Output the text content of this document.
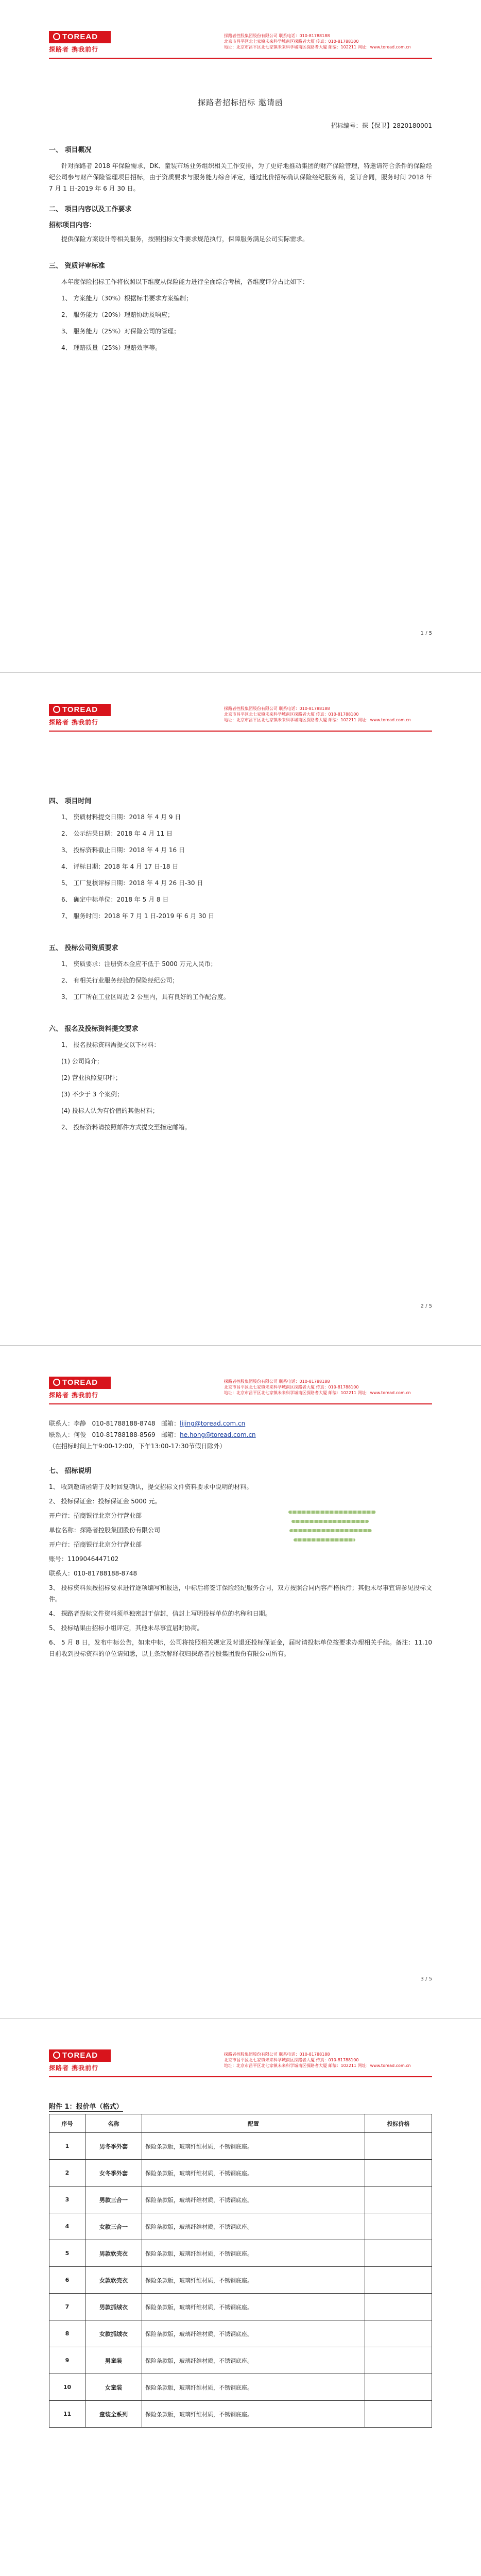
TOREAD
探路者 携我前行
探路者控股集团股份有限公司 联系电话：010-81788188
北京市昌平区北七家镇未来科学城南区探路者大厦 传真：010-81788100
地址：北京市昌平区北七家镇未来科学城南区探路者大厦 邮编：102211 网址：www.toread.com.cn
探路者招标招标 邀请函
招标编号：探【保卫】2820180001
一、 项目概况

针对探路者 2018 年保险需求，DK、童装市场业务组织相关工作安排，为了更好地推动集团的财产保险管理，特邀请符合条件的保险经纪公司参与财产保险管理项目招标，由于资质要求与服务能力综合评定，通过比价招标确认保险经纪服务商，签订合同，服务时间 2018 年 7 月 1 日-2019 年 6 月 30 日。

二、 项目内容以及工作要求
招标项目内容：

提供保险方案设计等相关服务，按照招标文件要求规范执行，保障服务满足公司实际需求。

三、 资质评审标准

本年度保险招标工作将依照以下维度从保险能力进行全面综合考核，各维度评分占比如下：

1、 方案能力（30%）根据标书要求方案编制；
2、 服务能力（20%）理赔协助及响应；
3、 服务能力（25%）对保险公司的管理；
4、 理赔质量（25%）理赔效率等。
1 / 5
TOREAD
探路者 携我前行
探路者控股集团股份有限公司 联系电话：010-81788188
北京市昌平区北七家镇未来科学城南区探路者大厦 传真：010-81788100
地址：北京市昌平区北七家镇未来科学城南区探路者大厦 邮编：102211 网址：www.toread.com.cn
四、 项目时间
1、 资质材料提交日期：2018 年 4 月 9 日
2、 公示结果日期：2018 年 4 月 11 日
3、 投标资料截止日期：2018 年 4 月 16 日
4、 评标日期：2018 年 4 月 17 日-18 日
5、 工厂复核评标日期：2018 年 4 月 26 日-30 日
6、 确定中标单位：2018 年 5 月 8 日
7、 服务时间：2018 年 7 月 1 日-2019 年 6 月 30 日
五、 投标公司资质要求
1、 资质要求：注册资本金应不低于 5000 万元人民币；
2、 有相关行业服务经验的保险经纪公司；
3、 工厂所在工业区周边 2 公里内，具有良好的工作配合度。
六、 报名及投标资料提交要求
1、 报名投标资料需提交以下材料：
(1) 公司简介；
(2) 营业执照复印件；
(3) 不少于 3 个案例；
(4) 投标人认为有价值的其他材料；
2、 投标资料请按照邮件方式提交至指定邮箱。
2 / 5
TOREAD
探路者 携我前行
探路者控股集团股份有限公司 联系电话：010-81788188
北京市昌平区北七家镇未来科学城南区探路者大厦 传真：010-81788100
地址：北京市昌平区北七家镇未来科学城南区探路者大厦 邮编：102211 网址：www.toread.com.cn
联系人：李静 010-81788188-8748 邮箱：lijing@toread.com.cn
联系人：何俊 010-81788188-8569 邮箱：he.hong@toread.com.cn
（在招标时间上午9:00-12:00，下午13:00-17:30节假日除外）
七、 招标说明

1、 收到邀请函请于及时回复确认，提交招标文件资料要求中说明的材料。

2、 投标保证金：投标保证金 5000 元。

开户行：招商银行北京分行营业部

单位名称：探路者控股集团股份有限公司

开户行：招商银行北京分行营业部

账号：1109046447102

联系人：010-81788188-8748

3、 投标资料须按招标要求进行逐项编写和报送，中标后将签订保险经纪服务合同，双方按照合同内容严格执行；其他未尽事宜请参见投标文件。

4、 探路者投标文件资料须单独密封于信封，信封上写明投标单位的名称和日期。

5、 投标结果由招标小组评定，其他未尽事宜届时协商。

6、 5 月 8 日，发布中标公告，如未中标，公司将按照相关规定及时退还投标保证金，届时请投标单位按要求办理相关手续。备注：11.10 日前收到投标资料的单位请知悉，以上条款解释权归探路者控股集团股份有限公司所有。

3 / 5
TOREAD
探路者 携我前行
探路者控股集团股份有限公司 联系电话：010-81788188
北京市昌平区北七家镇未来科学城南区探路者大厦 传真：010-81788100
地址：北京市昌平区北七家镇未来科学城南区探路者大厦 邮编：102211 网址：www.toread.com.cn
附件 1：报价单（格式）
序号	名称	配置	投标价格
1	男冬季外套	保险条款版，玻璃纤维材质，不锈钢底座。	
2	女冬季外套	保险条款版，玻璃纤维材质，不锈钢底座。	
3	男款三合一	保险条款版，玻璃纤维材质，不锈钢底座。	
4	女款三合一	保险条款版，玻璃纤维材质，不锈钢底座。	
5	男款软壳衣	保险条款版，玻璃纤维材质，不锈钢底座。	
6	女款软壳衣	保险条款版，玻璃纤维材质，不锈钢底座。	
7	男款抓绒衣	保险条款版，玻璃纤维材质，不锈钢底座。	
8	女款抓绒衣	保险条款版，玻璃纤维材质，不锈钢底座。	
9	男童装	保险条款版，玻璃纤维材质，不锈钢底座。	
10	女童装	保险条款版，玻璃纤维材质，不锈钢底座。	
11	童装全系列	保险条款版，玻璃纤维材质，不锈钢底座。	
